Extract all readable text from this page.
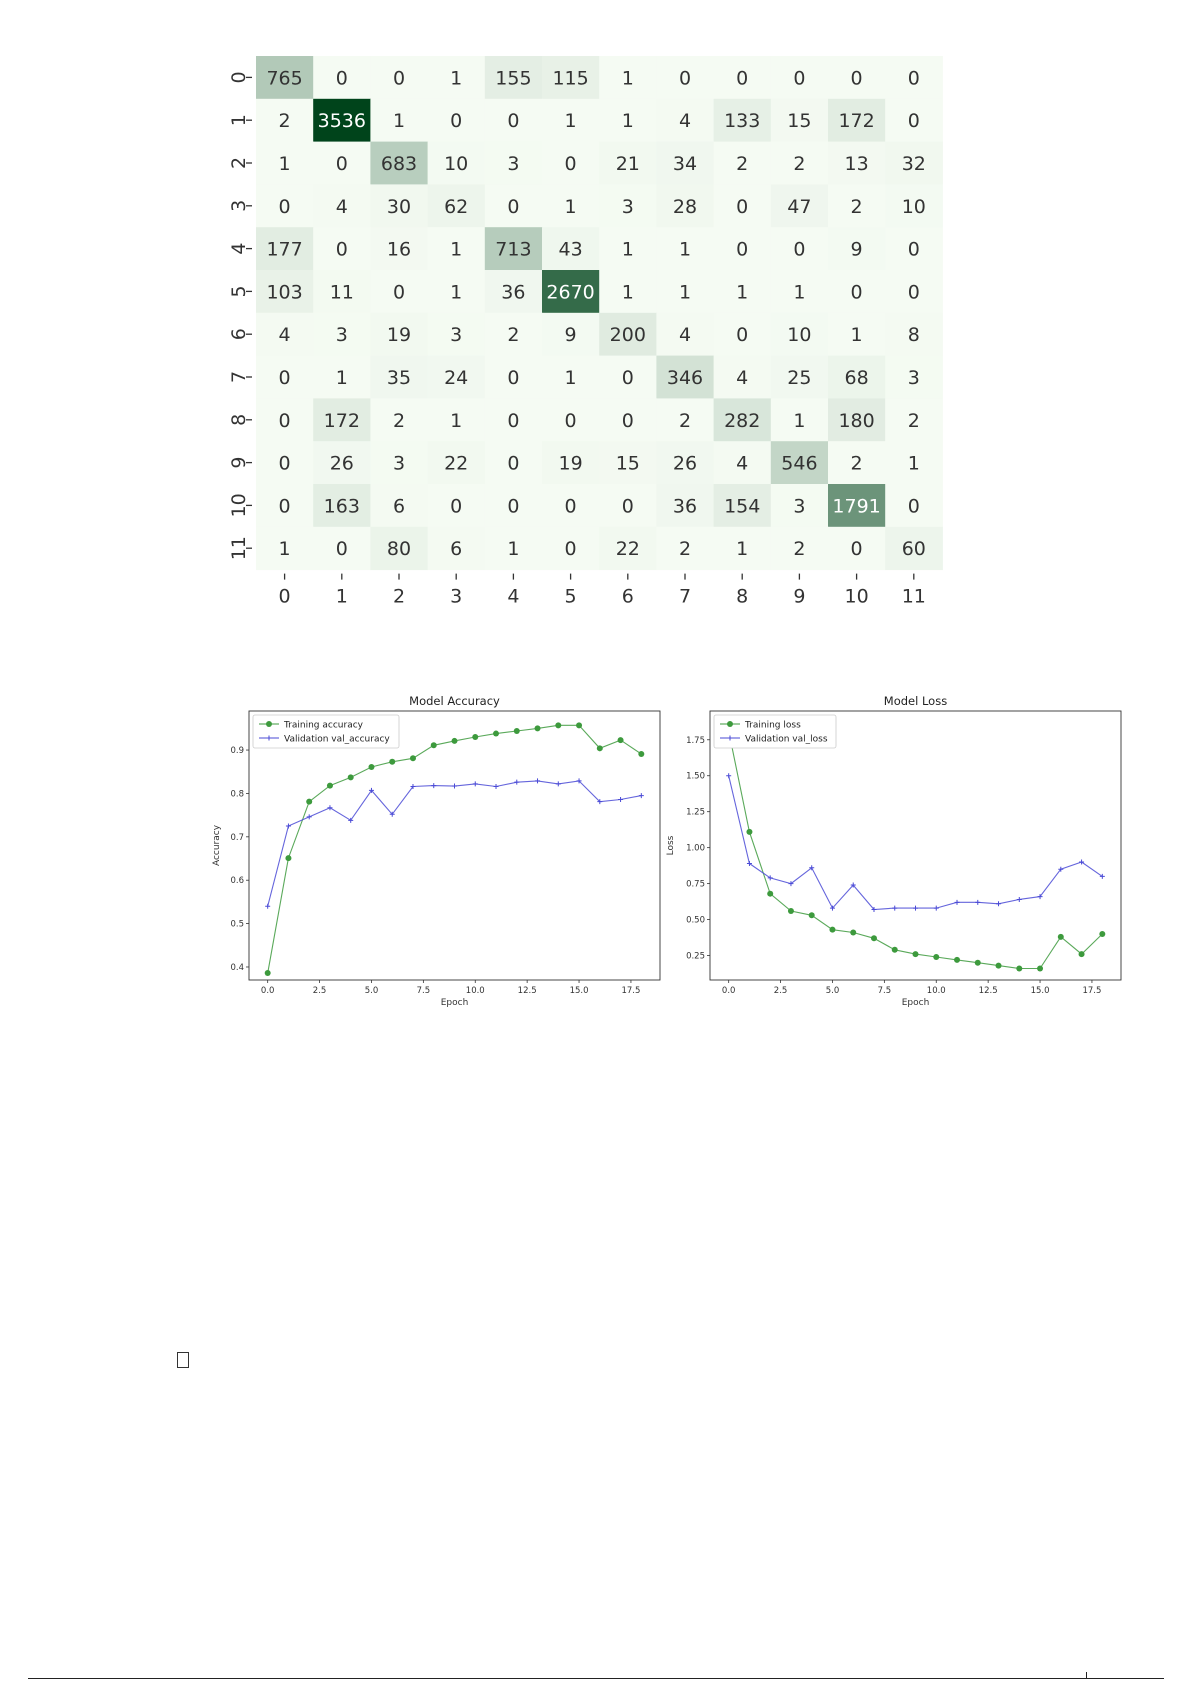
765 0 0 1 155 115 1 0 0 0 0 0
2 3536 1 0 0 1 1 4 133 15 172 0
1 0 683 10 3 0 21 34 2 2 13 32
0 4 30 62 0 1 3 28 0 47 2 10
177 0 16 1 713 43 1 1 0 0 9 0
103 11 0 1 36 2670 1 1 1 1 0 0
4 3 19 3 2 9 200 4 0 10 1 8
0 1 35 24 0 1 0 346 4 25 68 3
0 172 2 1 0 0 0 2 282 1 180 2
0 26 3 22 0 19 15 26 4 546 2 1
0 163 6 0 0 0 0 36 154 3 1791 0
1 0 80 6 1 0 22 2 1 2 0 60
0 1 2 3 4 5 6 7 8 9 10 11
0
1
2
3
4
5
6
7
8
9
10
11
Model Accuracy
0.0	2.5	5.0	7.5	10.0	12.5	15.0	17.5
0.4
0.5
0.6
0.7
0.8
0.9
Epoch
Accuracy
Training accuracy
Validation val_accuracy
Model Loss
0.0	2.5	5.0	7.5	10.0	12.5	15.0	17.5
0.25
0.50
0.75
1.00
1.25
1.50
1.75
Epoch
Loss
Training loss
Validation val_loss
